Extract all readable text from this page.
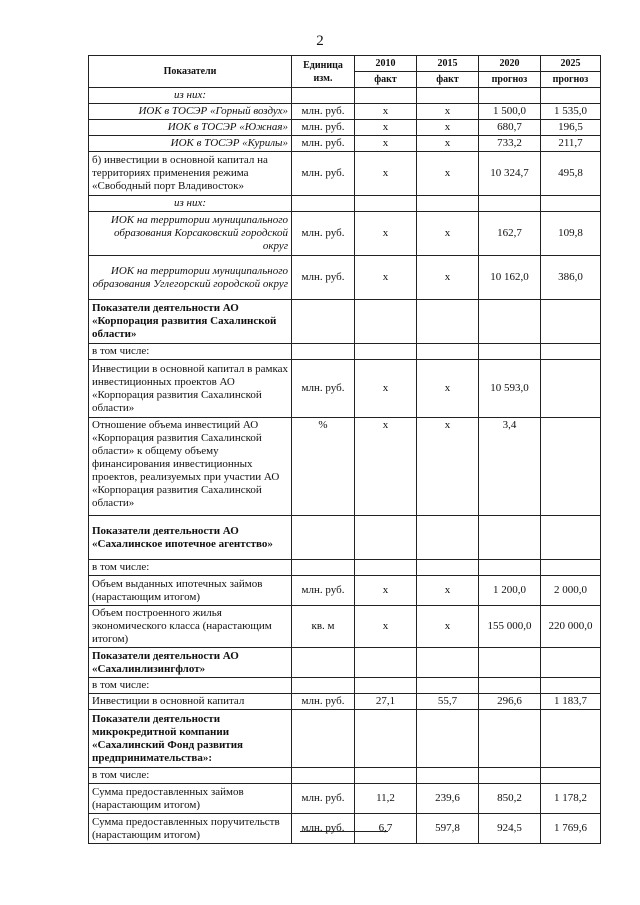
2
Показатели	Единица изм.	2010	2015	2020	2025
		факт	факт	прогноз	прогноз
из них:					
ИОК в ТОСЭР «Горный воздух»	млн. руб.	х	х	1 500,0	1 535,0
ИОК в ТОСЭР «Южная»	млн. руб.	х	х	680,7	196,5
ИОК в ТОСЭР «Курилы»	млн. руб.	х	х	733,2	211,7
б) инвестиции в основной капитал на территориях применения режима «Свободный порт Владивосток»	млн. руб.	х	х	10 324,7	495,8
из них:					
ИОК на территории муниципального образования Корсаковский городской округ	млн. руб.	х	х	162,7	109,8
ИОК на территории муниципального образования Углегорский городской округ	млн. руб.	х	х	10 162,0	386,0
Показатели деятельности АО «Корпорация развития Сахалинской области»					
в том числе:					
Инвестиции в основной капитал в рамках инвестиционных проектов АО «Корпорация развития Сахалинской области»	млн. руб.	х	х	10 593,0	
Отношение объема инвестиций АО «Корпорация развития Сахалинской области» к общему объему финансирования инвестиционных проектов, реализуемых при участии АО «Корпорация развития Сахалинской области»	%	х	х	3,4	
Показатели деятельности АО «Сахалинское ипотечное агентство»					
в том числе:					
Объем выданных ипотечных займов (нарастающим итогом)	млн. руб.	х	х	1 200,0	2 000,0
Объем построенного жилья экономического класса (нарастающим итогом)	кв. м	х	х	155 000,0	220 000,0
Показатели деятельности АО «Сахалинлизингфлот»					
в том числе:					
Инвестиции в основной капитал	млн. руб.	27,1	55,7	296,6	1 183,7
Показатели деятельности микрокредитной компании «Сахалинский Фонд развития предпринимательства»:					
в том числе:					
Сумма предоставленных займов (нарастающим итогом)	млн. руб.	11,2	239,6	850,2	1 178,2
Сумма предоставленных поручительств (нарастающим итогом)	млн. руб.	6,7	597,8	924,5	1 769,6
